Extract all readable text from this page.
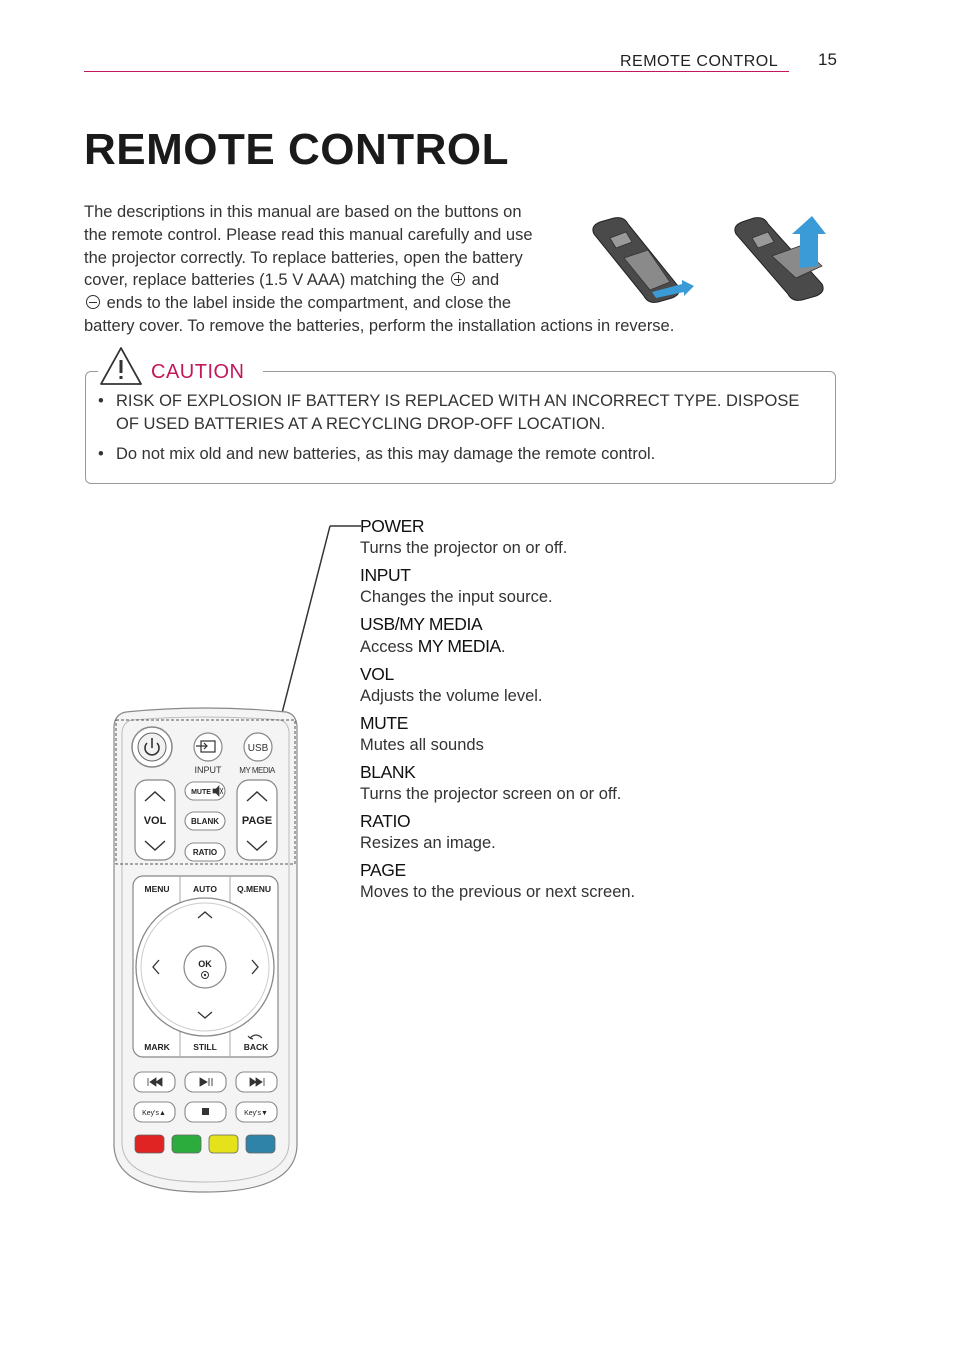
REMOTE CONTROL 15
REMOTE CONTROL

The descriptions in this manual are based on the buttons on
the remote control. Please read this manual carefully and use
the projector correctly. To replace batteries, open the battery
cover, replace batteries (1.5 V AAA) matching the  and
ends to the label inside the compartment, and close the
battery cover. To remove the batteries, perform the installation actions in reverse.

CAUTION
• RISK OF EXPLOSION IF BATTERY IS REPLACED WITH AN INCORRECT TYPE. DISPOSE OF USED BATTERIES AT A RECYCLING DROP-OFF LOCATION.
• Do not mix old and new batteries, as this may damage the remote control.
INPUT
USB
MY MEDIA
VOL	PAGE
MUTE
BLANK
RATIO
MENU	AUTO Q.MENU
OK
MARK	STILL	BACK
Key's▲	Key's▼
POWER
Turns the projector on or off.
INPUT
Changes the input source.
USB/MY MEDIA
Access MY MEDIA.
VOL
Adjusts the volume level.
MUTE
Mutes all sounds
BLANK
Turns the projector screen on or off.
RATIO
Resizes an image.
PAGE
Moves to the previous or next screen.
